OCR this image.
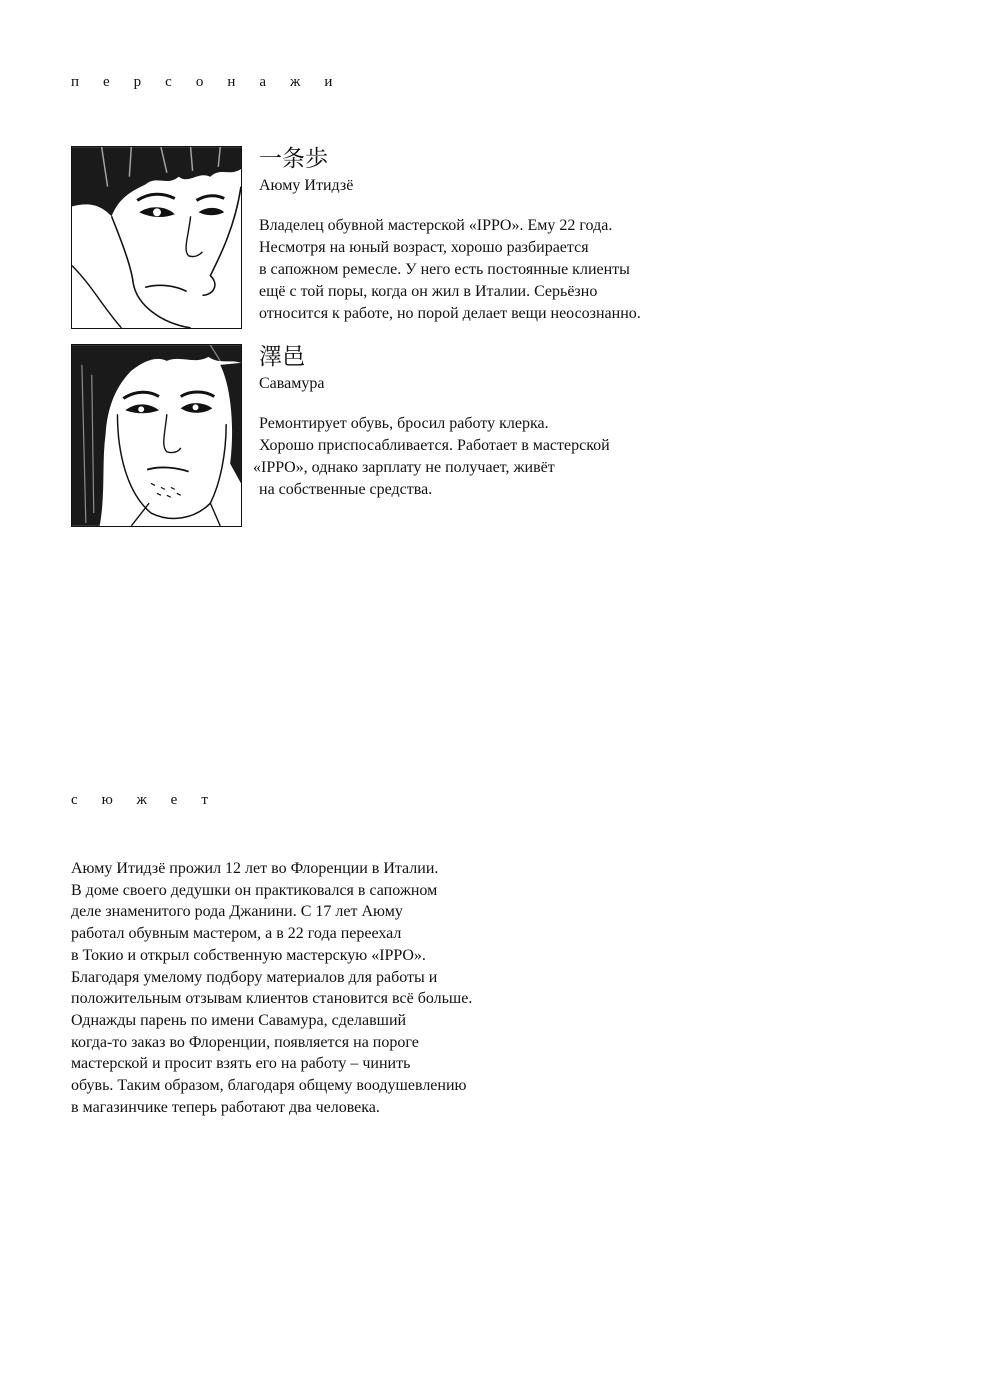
персонажи
一条歩
Аюму Итидзё
Владелец обувной мастерской «IPPO». Ему 22 года.
Несмотря на юный возраст, хорошо разбирается
в сапожном ремесле. У него есть постоянные клиенты
ещё с той поры, когда он жил в Италии. Серьёзно
относится к работе, но порой делает вещи неосознанно.
澤邑
Савамура
Ремонтирует обувь, бросил работу клерка.
Хорошо приспосабливается. Работает в мастерской
«IPPO», однако зарплату не получает, живёт
на собственные средства.
сюжет
Аюму Итидзё прожил 12 лет во Флоренции в Италии.
В доме своего дедушки он практиковался в сапожном
деле знаменитого рода Джанини. С 17 лет Аюму
работал обувным мастером, а в 22 года переехал
в Токио и открыл собственную мастерскую «IPPO».
Благодаря умелому подбору материалов для работы и
положительным отзывам клиентов становится всё больше.
Однажды парень по имени Савамура, сделавший
когда-то заказ во Флоренции, появляется на пороге
мастерской и просит взять его на работу – чинить
обувь. Таким образом, благодаря общему воодушевлению
в магазинчике теперь работают два человека.
